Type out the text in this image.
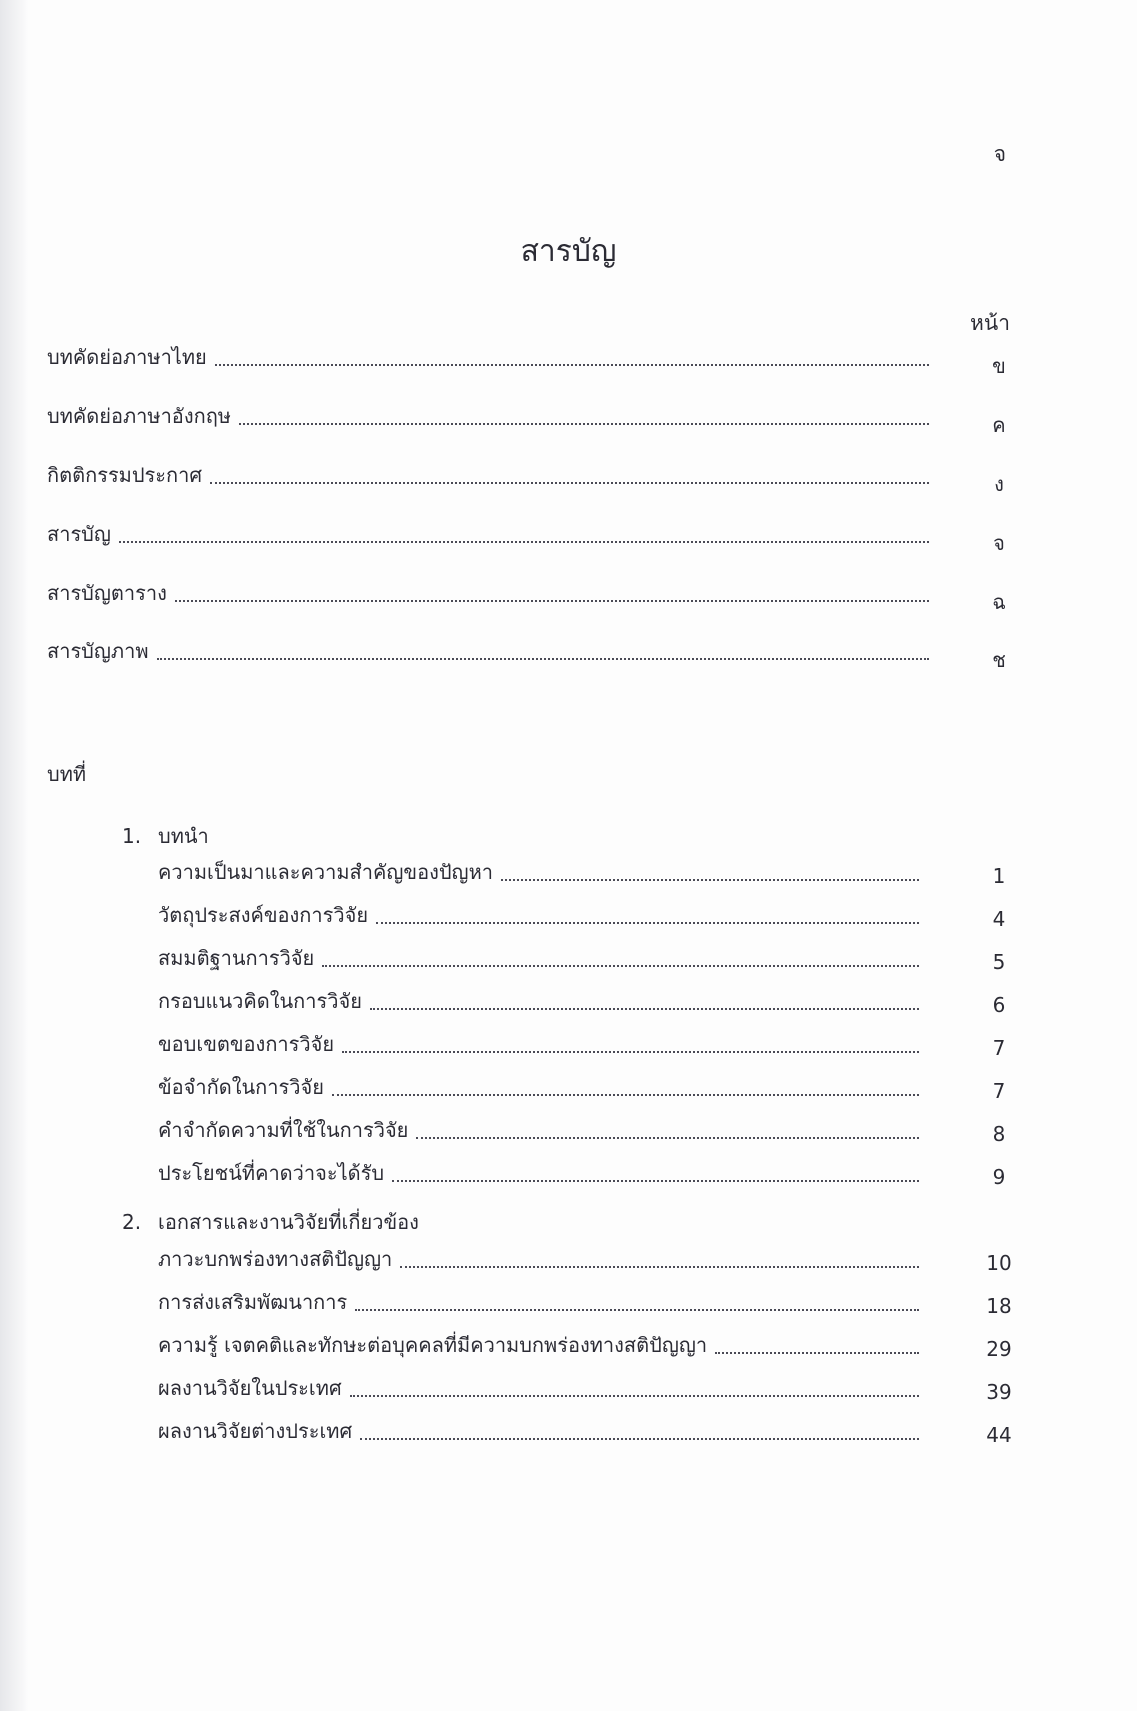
จ
สารบัญ
หน้า
บทคัดย่อภาษาไทย	ข
บทคัดย่อภาษาอังกฤษ	ค
กิตติกรรมประกาศ	ง
สารบัญ	จ
สารบัญตาราง	ฉ
สารบัญภาพ	ช
บทที่
1. บทนำ
ความเป็นมาและความสำคัญของปัญหา	1
วัตถุประสงค์ของการวิจัย	4
สมมติฐานการวิจัย	5
กรอบแนวคิดในการวิจัย	6
ขอบเขตของการวิจัย	7
ข้อจำกัดในการวิจัย	7
คำจำกัดความที่ใช้ในการวิจัย	8
ประโยชน์ที่คาดว่าจะได้รับ	9
2. เอกสารและงานวิจัยที่เกี่ยวข้อง
ภาวะบกพร่องทางสติปัญญา	10
การส่งเสริมพัฒนาการ	18
ความรู้ เจตคติและทักษะต่อบุคคลที่มีความบกพร่องทางสติปัญญา	29
ผลงานวิจัยในประเทศ	39
ผลงานวิจัยต่างประเทศ	44
